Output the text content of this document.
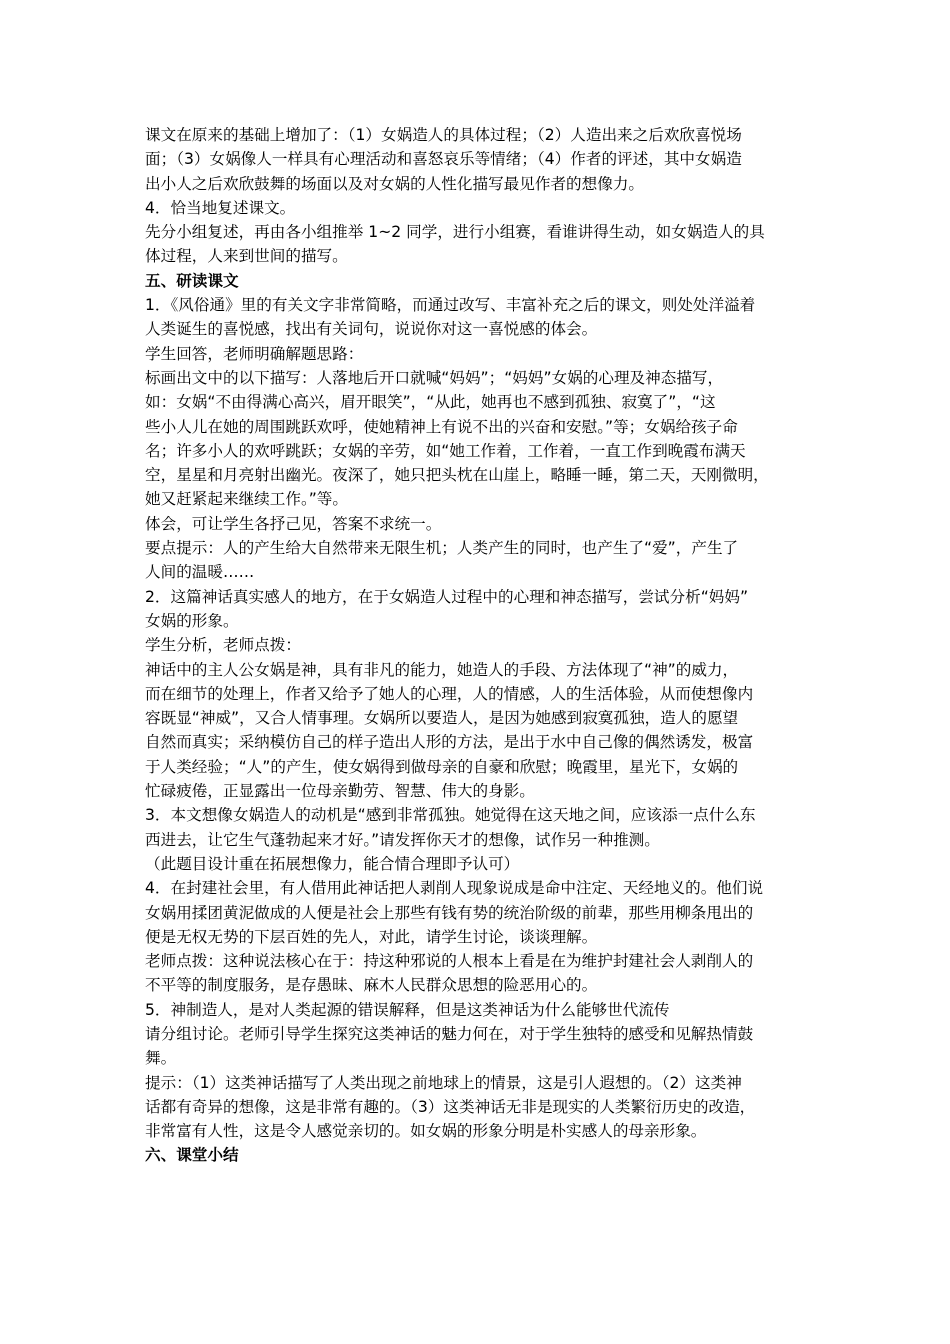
课文在原来的基础上增加了：（1）女娲造人的具体过程；（2）人造出来之后欢欣喜悦场
面；（3）女娲像人一样具有心理活动和喜怒哀乐等情绪；（4）作者的评述，其中女娲造
出小人之后欢欣鼓舞的场面以及对女娲的人性化描写最见作者的想像力。
4．恰当地复述课文。
先分小组复述，再由各小组推举 1~2 同学，进行小组赛，看谁讲得生动，如女娲造人的具
体过程，人来到世间的描写。
五、研读课文
1．《风俗通》里的有关文字非常简略，而通过改写、丰富补充之后的课文，则处处洋溢着
人类诞生的喜悦感，找出有关词句，说说你对这一喜悦感的体会。
学生回答，老师明确解题思路：
标画出文中的以下描写：人落地后开口就喊“妈妈”；“妈妈”女娲的心理及神态描写，
如：女娲“不由得满心高兴，眉开眼笑”，“从此，她再也不感到孤独、寂寞了”，“这
些小人儿在她的周围跳跃欢呼，使她精神上有说不出的兴奋和安慰。”等；女娲给孩子命
名；许多小人的欢呼跳跃；女娲的辛劳，如“她工作着，工作着，一直工作到晚霞布满天
空，星星和月亮射出幽光。夜深了，她只把头枕在山崖上，略睡一睡，第二天，天刚微明，
她又赶紧起来继续工作。”等。
体会，可让学生各抒己见，答案不求统一。
要点提示：人的产生给大自然带来无限生机；人类产生的同时，也产生了“爱”，产生了
人间的温暖……
2．这篇神话真实感人的地方，在于女娲造人过程中的心理和神态描写，尝试分析“妈妈”
女娲的形象。
学生分析，老师点拨：
神话中的主人公女娲是神，具有非凡的能力，她造人的手段、方法体现了“神”的威力，
而在细节的处理上，作者又给予了她人的心理，人的情感，人的生活体验，从而使想像内
容既显“神威”，又合人情事理。女娲所以要造人，是因为她感到寂寞孤独，造人的愿望
自然而真实；采纳模仿自己的样子造出人形的方法，是出于水中自己像的偶然诱发，极富
于人类经验；“人”的产生，使女娲得到做母亲的自豪和欣慰；晚霞里，星光下，女娲的
忙碌疲倦，正显露出一位母亲勤劳、智慧、伟大的身影。
3．本文想像女娲造人的动机是“感到非常孤独。她觉得在这天地之间，应该添一点什么东
西进去，让它生气蓬勃起来才好。”请发挥你天才的想像，试作另一种推测。
（此题目设计重在拓展想像力，能合情合理即予认可）
4．在封建社会里，有人借用此神话把人剥削人现象说成是命中注定、天经地义的。他们说
女娲用揉团黄泥做成的人便是社会上那些有钱有势的统治阶级的前辈，那些用柳条甩出的
便是无权无势的下层百姓的先人，对此，请学生讨论，谈谈理解。
老师点拨：这种说法核心在于：持这种邪说的人根本上看是在为维护封建社会人剥削人的
不平等的制度服务，是存愚昧、麻木人民群众思想的险恶用心的。
5．神制造人，是对人类起源的错误解释，但是这类神话为什么能够世代流传
请分组讨论。老师引导学生探究这类神话的魅力何在，对于学生独特的感受和见解热情鼓
舞。
提示：（1）这类神话描写了人类出现之前地球上的情景，这是引人遐想的。（2）这类神
话都有奇异的想像，这是非常有趣的。（3）这类神话无非是现实的人类繁衍历史的改造，
非常富有人性，这是令人感觉亲切的。如女娲的形象分明是朴实感人的母亲形象。
六、课堂小结
